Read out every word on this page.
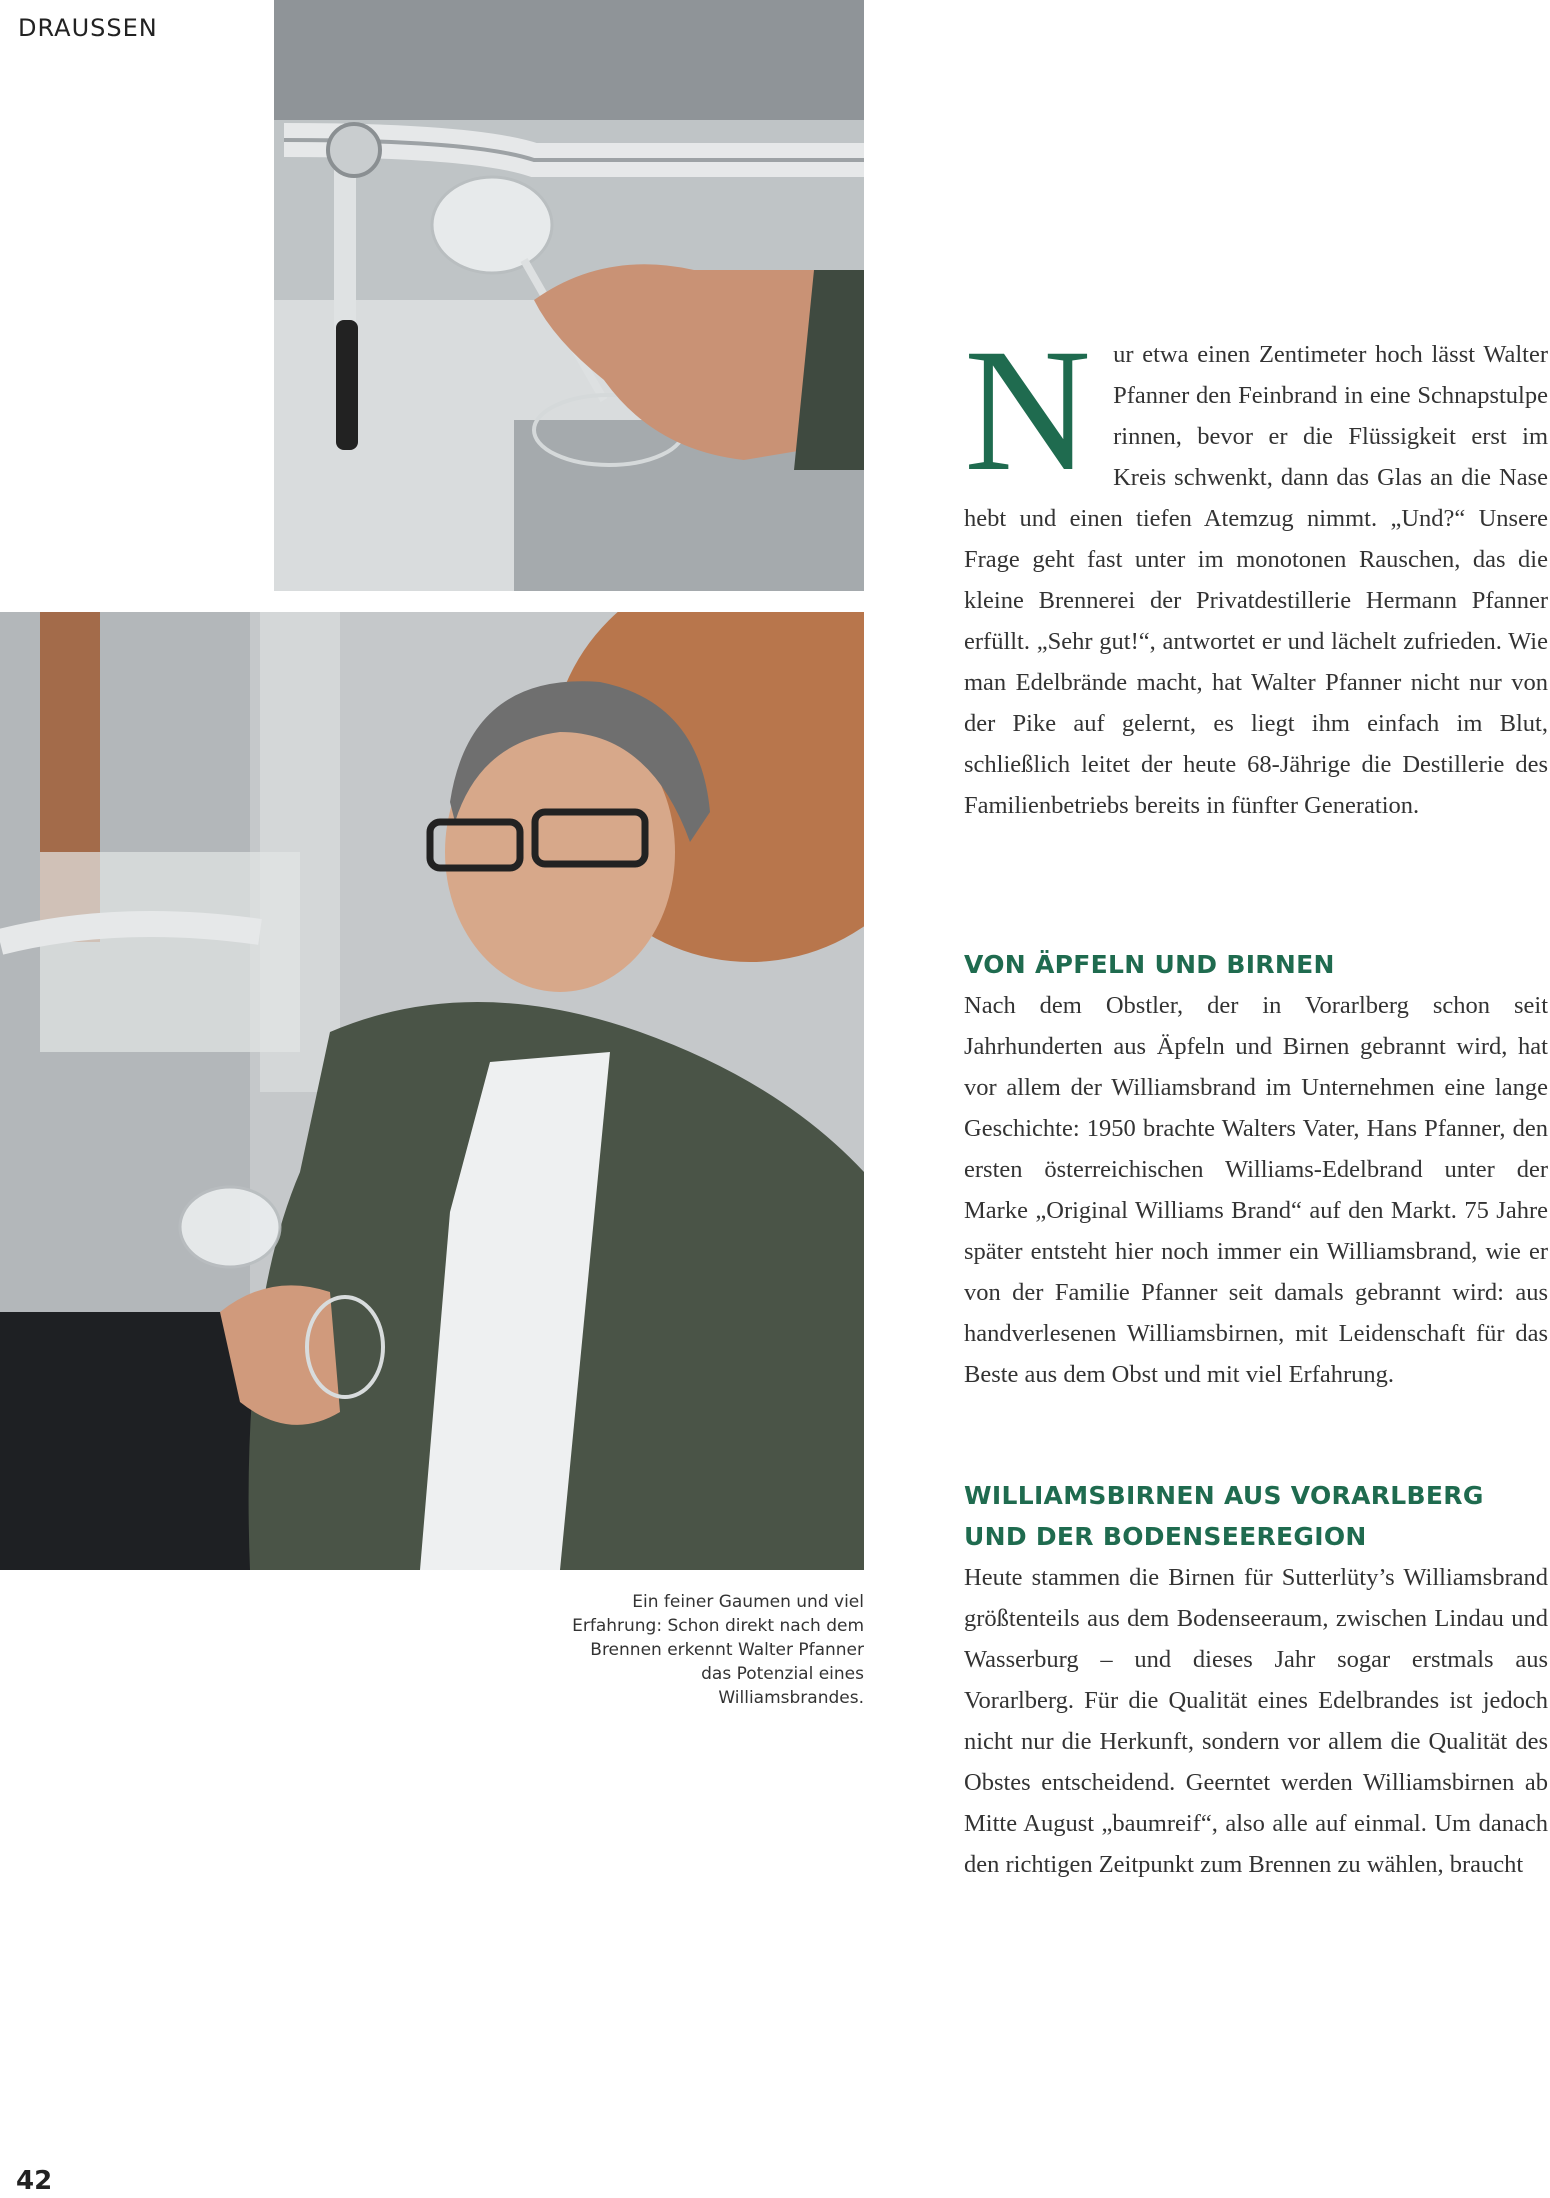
DRAUSSEN
Ein feiner Gaumen und viel Erfahrung: Schon direkt nach dem Brennen erkennt Walter Pfanner das Potenzial eines Williamsbrandes.

Nur etwa einen Zentimeter hoch lässt Walter Pfanner den Feinbrand in eine Schnapstulpe rinnen, bevor er die Flüssigkeit erst im Kreis schwenkt, dann das Glas an die Nase hebt und einen tiefen Atemzug nimmt. „Und?“ Unsere Frage geht fast unter im monotonen Rauschen, das die kleine Brennerei der Privatdestillerie Hermann Pfanner erfüllt. „Sehr gut!“, antwortet er und lächelt zufrieden. Wie man Edelbrände macht, hat Walter Pfanner nicht nur von der Pike auf gelernt, es liegt ihm einfach im Blut, schließlich leitet der heute 68-Jährige die Destillerie des Familienbetriebs bereits in fünfter Generation.

VON ÄPFELN UND BIRNEN

Nach dem Obstler, der in Vorarlberg schon seit Jahrhunderten aus Äpfeln und Birnen gebrannt wird, hat vor allem der Williamsbrand im Unternehmen eine lange Geschichte: 1950 brachte Walters Vater, Hans Pfanner, den ersten österreichischen Williams-Edelbrand unter der Marke „Original Williams Brand“ auf den Markt. 75 Jahre später entsteht hier noch immer ein Williamsbrand, wie er von der Familie Pfanner seit damals gebrannt wird: aus handverlesenen Williamsbirnen, mit Leidenschaft für das Beste aus dem Obst und mit viel Erfahrung.

WILLIAMSBIRNEN AUS VORARLBERG UND DER BODENSEEREGION

Heute stammen die Birnen für Sutterlüty’s Williamsbrand größtenteils aus dem Bodenseeraum, zwischen Lindau und Wasserburg – und dieses Jahr sogar erstmals aus Vorarlberg. Für die Qualität eines Edelbrandes ist jedoch nicht nur die Herkunft, sondern vor allem die Qualität des Obstes entscheidend. Geerntet werden Williamsbirnen ab Mitte August „baumreif“, also alle auf einmal. Um danach den richtigen Zeitpunkt zum Brennen zu wählen, braucht

42
